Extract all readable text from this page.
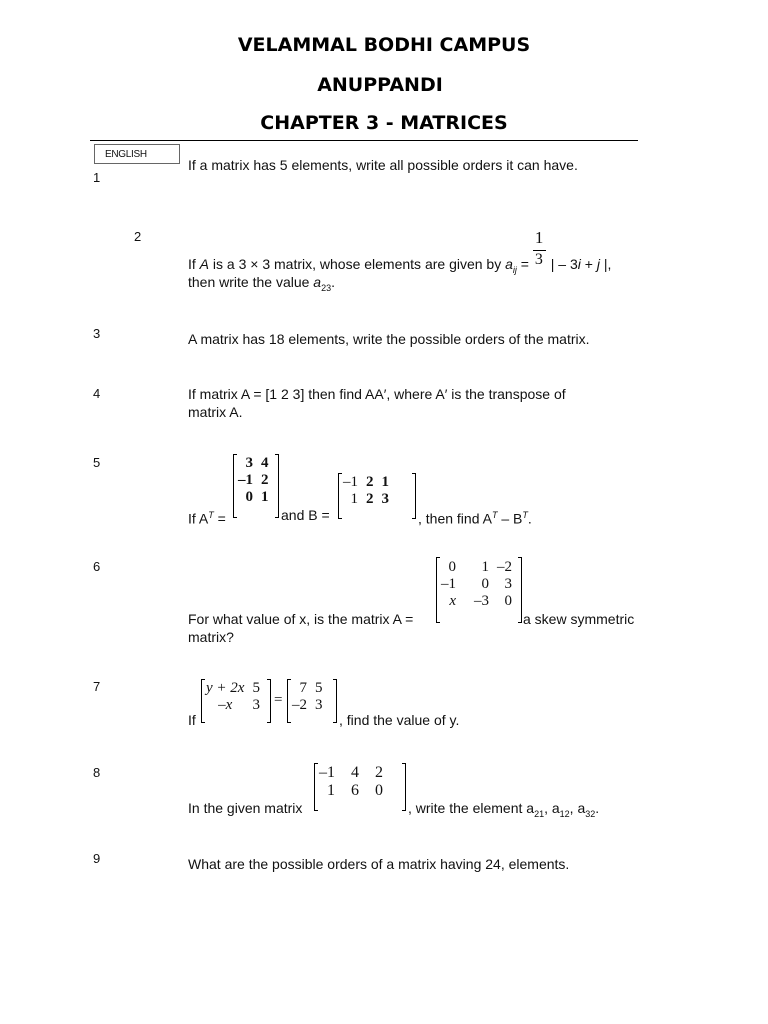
VELAMMAL BODHI CAMPUS
ANUPPANDI
CHAPTER 3 - MATRICES
ENGLISH
1
If a matrix has 5 elements, write all possible orders it can have.
2
If A is a 3 × 3 matrix, whose elements are given by $a_{ij} = \frac{1}{3}$ | – 3i + j |,
then write the value $a_{23}$.
3	A matrix has 18 elements, write the possible orders of the matrix.
4	If matrix A = [1 2 3] then find AA′, where A′ is the transpose of
matrix A.
5	3	4
–1	2
0	1
–1	2	1
1	2	3
If $A^T$ =	and B =	, then find $A^T - B^T$.
6	0	1	–2
–1	0	3
x	–3	0
For what value of x, is the matrix A =	a skew symmetric
matrix?
7
If
y + 2x	5
–x	3 =
7	5
–2	3
, find the value of y.
8
In the given matrix
–1	4	2
1	6	0
, write the element $a_{21}$, $a_{12}$, $a_{32}$.
9	What are the possible orders of a matrix having 24, elements.
